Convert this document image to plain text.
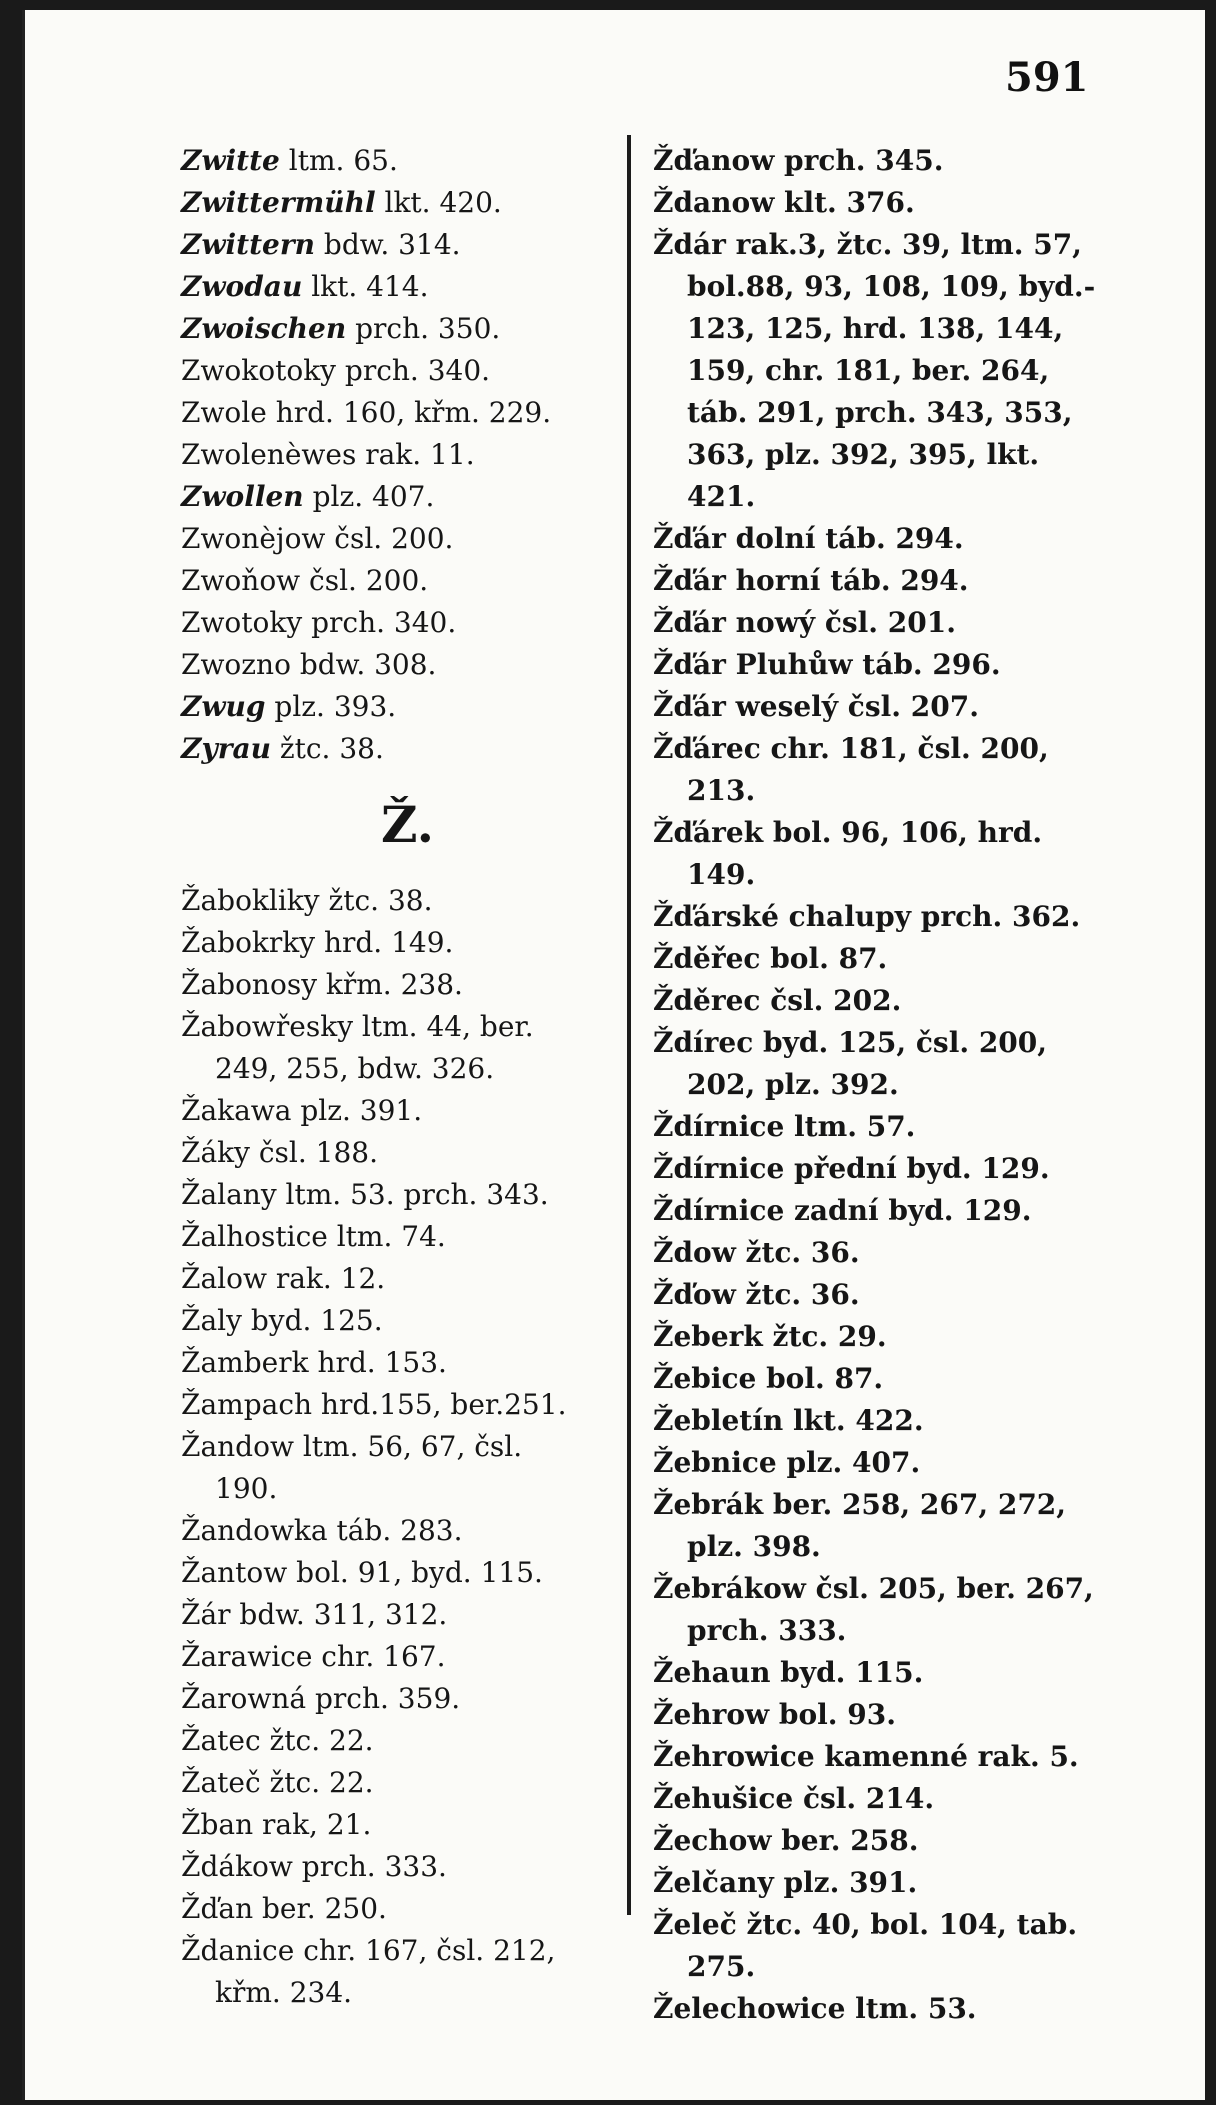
591
Zwitte ltm. 65.
Zwittermühl lkt. 420.
Zwittern bdw. 314.
Zwodau lkt. 414.
Zwoischen prch. 350.
Zwokotoky prch. 340.
Zwole hrd. 160, křm. 229.
Zwolenèwes rak. 11.
Zwollen plz. 407.
Zwonèjow čsl. 200.
Zwoňow čsl. 200.
Zwotoky prch. 340.
Zwozno bdw. 308.
Zwug plz. 393.
Zyrau žtc. 38.
Ž.
Žabokliky žtc. 38.
Žabokrky hrd. 149.
Žabonosy křm. 238.
Žabowřesky ltm. 44, ber.
249, 255, bdw. 326.
Žakawa plz. 391.
Žáky čsl. 188.
Žalany ltm. 53. prch. 343.
Žalhostice ltm. 74.
Žalow rak. 12.
Žaly byd. 125.
Žamberk hrd. 153.
Žampach hrd.155, ber.251.
Žandow ltm. 56, 67, čsl.
190.
Žandowka táb. 283.
Žantow bol. 91, byd. 115.
Žár bdw. 311, 312.
Žarawice chr. 167.
Žarowná prch. 359.
Žatec žtc. 22.
Žateč žtc. 22.
Žban rak, 21.
Ždákow prch. 333.
Žďan ber. 250.
Ždanice chr. 167, čsl. 212,
křm. 234.
Žďanow prch. 345.
Ždanow klt. 376.
Ždár rak.3, žtc. 39, ltm. 57,
bol.88, 93, 108, 109, byd.-
123, 125, hrd. 138, 144,
159, chr. 181, ber. 264,
táb. 291, prch. 343, 353,
363, plz. 392, 395, lkt.
421.
Žďár dolní táb. 294.
Žďár horní táb. 294.
Žďár nowý čsl. 201.
Žďár Pluhůw táb. 296.
Žďár weselý čsl. 207.
Žďárec chr. 181, čsl. 200,
213.
Žďárek bol. 96, 106, hrd.
149.
Žďárské chalupy prch. 362.
Žděřec bol. 87.
Žděrec čsl. 202.
Ždírec byd. 125, čsl. 200,
202, plz. 392.
Ždírnice ltm. 57.
Ždírnice přední byd. 129.
Ždírnice zadní byd. 129.
Ždow žtc. 36.
Žďow žtc. 36.
Žeberk žtc. 29.
Žebice bol. 87.
Žebletín lkt. 422.
Žebnice plz. 407.
Žebrák ber. 258, 267, 272,
plz. 398.
Žebrákow čsl. 205, ber. 267,
prch. 333.
Žehaun byd. 115.
Žehrow bol. 93.
Žehrowice kamenné rak. 5.
Žehušice čsl. 214.
Žechow ber. 258.
Želčany plz. 391.
Želeč žtc. 40, bol. 104, tab.
275.
Želechowice ltm. 53.
